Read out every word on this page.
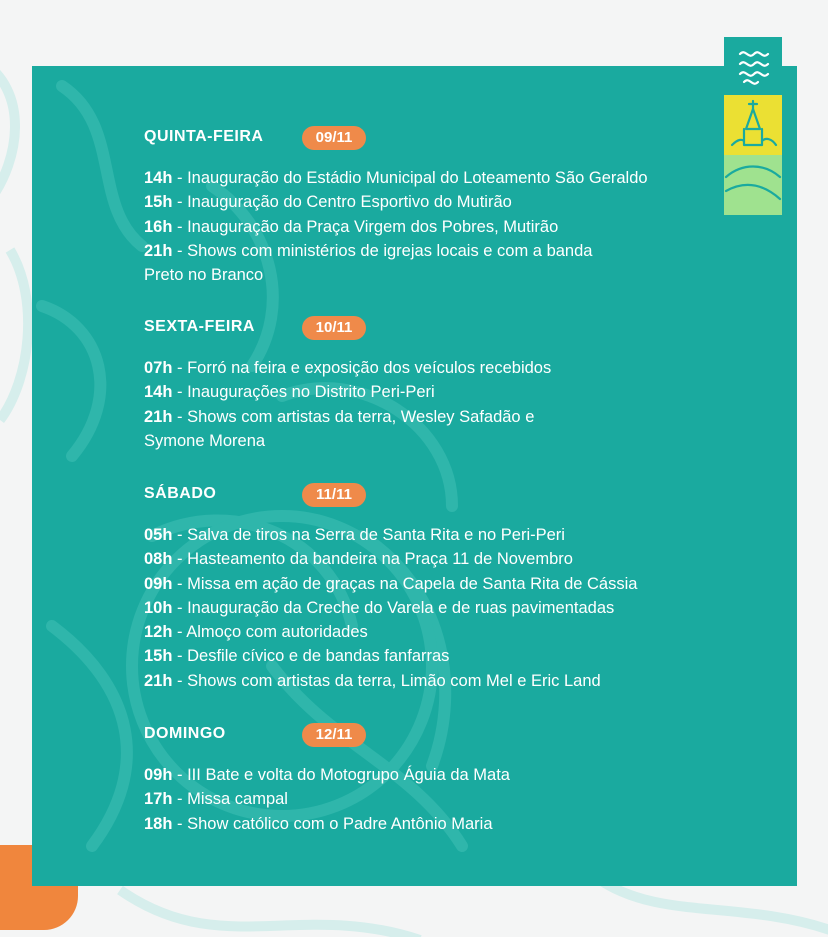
QUINTA-FEIRA	09/11
14h - Inauguração do Estádio Municipal do Loteamento São Geraldo
15h - Inauguração do Centro Esportivo do Mutirão
16h - Inauguração da Praça Virgem dos Pobres, Mutirão
21h - Shows com ministérios de igrejas locais e com a banda
Preto no Branco
SEXTA-FEIRA	10/11
07h - Forró na feira e exposição dos veículos recebidos
14h - Inaugurações no Distrito Peri-Peri
21h - Shows com artistas da terra, Wesley Safadão e
Symone Morena
SÁBADO	11/11
05h - Salva de tiros na Serra de Santa Rita e no Peri-Peri
08h - Hasteamento da bandeira na Praça 11 de Novembro
09h - Missa em ação de graças na Capela de Santa Rita de Cássia
10h - Inauguração da Creche do Varela e de ruas pavimentadas
12h - Almoço com autoridades
15h - Desfile cívico e de bandas fanfarras
21h - Shows com artistas da terra, Limão com Mel e Eric Land
DOMINGO	12/11
09h - III Bate e volta do Motogrupo Águia da Mata
17h - Missa campal
18h - Show católico com o Padre Antônio Maria
